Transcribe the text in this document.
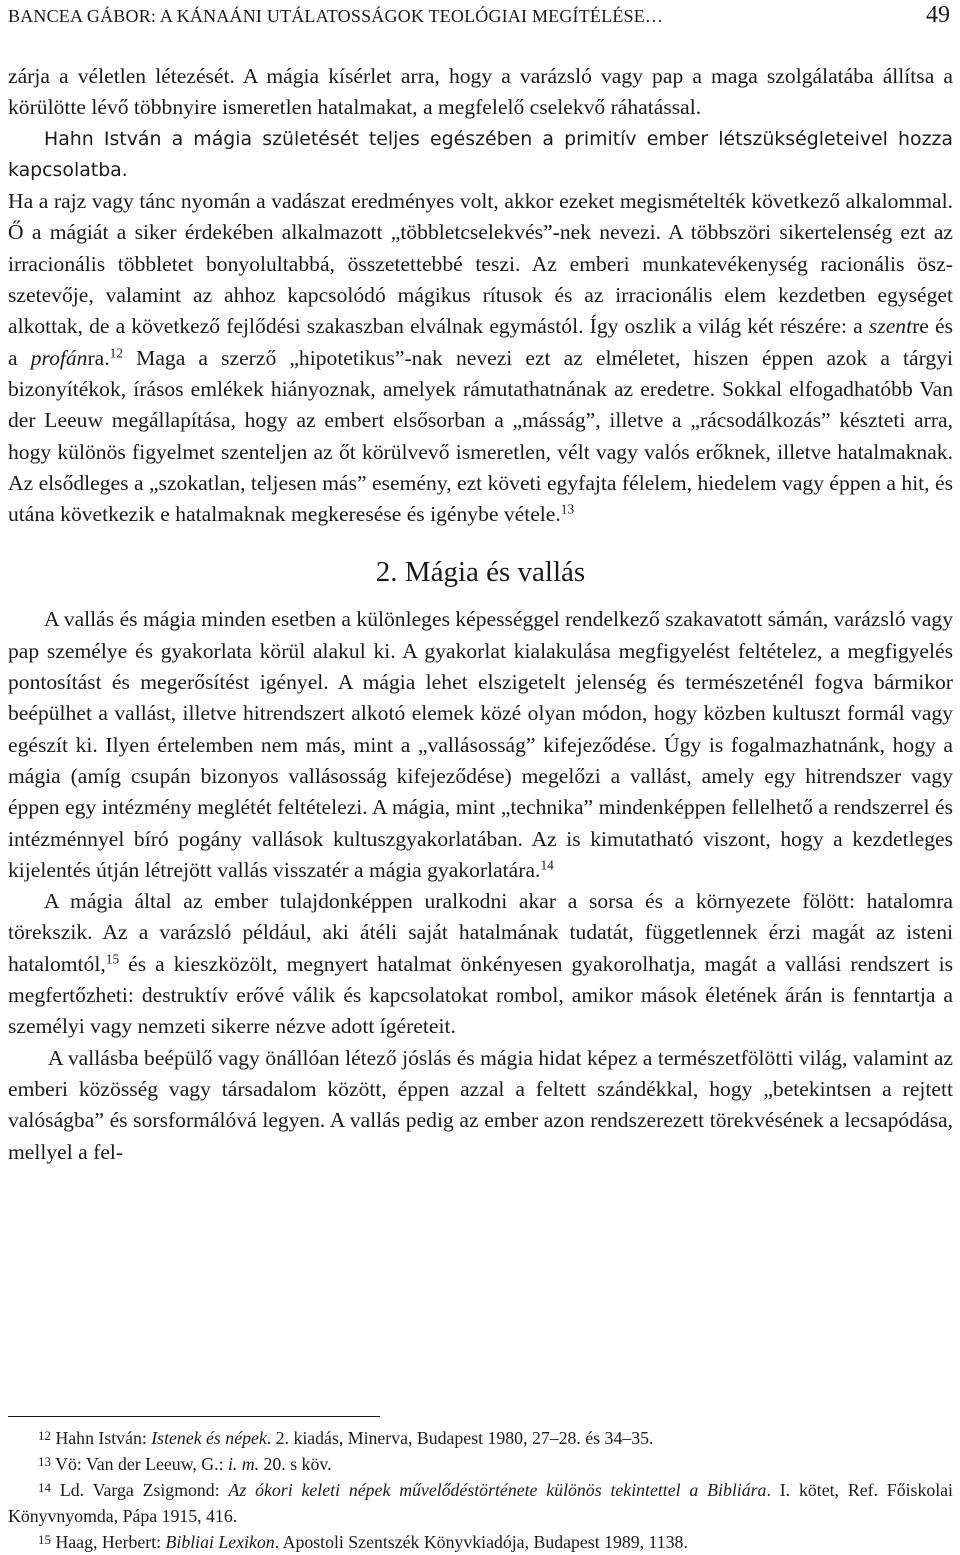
BANCEA GÁBOR: A KÁNAÁNI UTÁLATOSSÁGOK TEOLÓGIAI MEGÍTÉLÉSE…	49

zárja a véletlen létezését. A mágia kísérlet arra, hogy a varázsló vagy pap a maga szolgálatába állítsa a körülötte lévő többnyire ismeretlen hatalmakat, a megfelelő cselekvő ráhatással.

Hahn István a mágia születését teljes egészében a primitív ember létszükségleteivel hozza kapcsolatba.

Ha a rajz vagy tánc nyomán a vadászat eredményes volt, akkor ezeket megismételték következő alkalommal. Ő a mágiát a siker érdekében alkalmazott „többletcselekvés”-nek nevezi. A többszöri sikertelenség ezt az irracionális többletet bonyolultabbá, összetettebbé teszi. Az emberi munkatevékenység racionális öszszetevője, valamint az ahhoz kapcsolódó mágikus rítusok és az irracionális elem kezdetben egységet alkottak, de a következő fejlődési szakaszban elválnak egymástól. Így oszlik a világ két részére: a szentre és a profánra.$^{12}$ Maga a szerző „hipotetikus”-nak nevezi ezt az elméletet, hiszen éppen azok a tárgyi bizonyítékok, írásos emlékek hiányoznak, amelyek rámutathatnának az eredetre. Sokkal elfogadhatóbb Van der Leeuw megállapítása, hogy az embert elsősorban a „másság”, illetve a „rácsodálkozás” készteti arra, hogy különös figyelmet szenteljen az őt körülvevő ismeretlen, vélt vagy valós erőknek, illetve hatalmaknak. Az elsődleges a „szokatlan, teljesen más” esemény, ezt követi egyfajta félelem, hiedelem vagy éppen a hit, és utána következik e hatalmaknak megkeresése és igénybe vétele.$^{13}$

2. Mágia és vallás

A vallás és mágia minden esetben a különleges képességgel rendelkező szakavatott sámán, varázsló vagy pap személye és gyakorlata körül alakul ki. A gyakorlat kialakulása megfigyelést feltételez, a megfigyelés pontosítást és megerősítést igényel. A mágia lehet elszigetelt jelenség és természeténél fogva bármikor beépülhet a vallást, illetve hitrendszert alkotó elemek közé olyan módon, hogy közben kultuszt formál vagy egészít ki. Ilyen értelemben nem más, mint a „vallásosság” kifejeződése. Úgy is fogalmazhatnánk, hogy a mágia (amíg csupán bizonyos vallásosság kifejeződése) megelőzi a vallást, amely egy hitrendszer vagy éppen egy intézmény meglétét feltételezi. A mágia, mint „technika” mindenképpen fellelhető a rendszerrel és intézménnyel bíró pogány vallások kultuszgyakorlatában. Az is kimutatható viszont, hogy a kezdetleges kijelentés útján létrejött vallás visszatér a mágia gyakorlatára.$^{14}$

A mágia által az ember tulajdonképpen uralkodni akar a sorsa és a környezete fölött: hatalomra törekszik. Az a varázsló például, aki átéli saját hatalmának tudatát, függetlennek érzi magát az isteni hatalomtól,$^{15}$ és a kieszközölt, megnyert hatalmat önkényesen gyakorolhatja, magát a vallási rendszert is megfertőzheti: destruktív erővé válik és kapcsolatokat rombol, amikor mások életének árán is fenntartja a személyi vagy nemzeti sikerre nézve adott ígéreteit.

A vallásba beépülő vagy önállóan létező jóslás és mágia hidat képez a természetfölötti világ, valamint az emberi közösség vagy társadalom között, éppen azzal a feltett szándékkal, hogy „betekintsen a rejtett valóságba” és sorsformálóvá legyen. A vallás pedig az ember azon rendszerezett törekvésének a lecsapódása, mellyel a fel-

$^{12}$ Hahn István: Istenek és népek. 2. kiadás, Minerva, Budapest 1980, 27–28. és 34–35.

$^{13}$ Vö: Van der Leeuw, G.: i. m. 20. s köv.

$^{14}$ Ld. Varga Zsigmond: Az ókori keleti népek művelődéstörténete különös tekintettel a Bibliára. I. kötet, Ref. Főiskolai Könyvnyomda, Pápa 1915, 416.

$^{15}$ Haag, Herbert: Bibliai Lexikon. Apostoli Szentszék Könyvkiadója, Budapest 1989, 1138.
